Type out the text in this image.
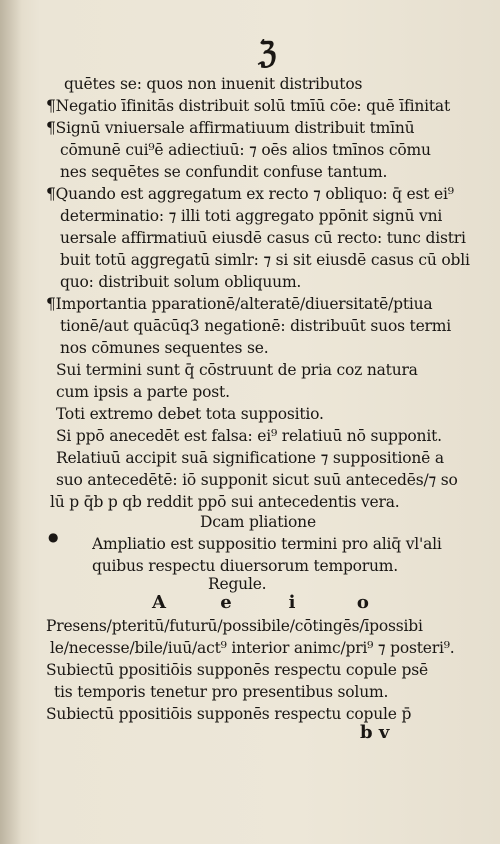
ℨ
quētes se: quos non inuenit distributos
¶Negatio īfinitās distribuit solū tmīū cōe: quē īfinitat
¶Signū vniuersale affirmatiuum distribuit tmīnū
cōmunē cui⁹ē adiectiuū: ⁊ oēs alios tmīnos cōmu
nes sequētes se confundit confuse tantum.
¶Quando est aggregatum ex recto ⁊ obliquo: q̄ est ei⁹
determinatio: ⁊ illi toti aggregato ppōnit signū vni
uersale affirmatiuū eiusdē casus cū recto: tunc distri
buit totū aggregatū simlr: ⁊ si sit eiusdē casus cū obli
quo: distribuit solum obliquum.
¶Importantia pparationē/alteratē/diuersitatē/ptiua
tionē/aut quācūq3 negationē: distribuūt suos termi
nos cōmunes sequentes se.
Sui termini sunt q̄ cōstruunt de pria coz natura
cum ipsis a parte post.
Toti extremo debet tota suppositio.
Si ppō anecedēt est falsa: ei⁹ relatiuū nō supponit.
Relatiuū accipit suā significatione ⁊ suppositionē a
suo antecedētē: iō supponit sicut suū antecedēs/⁊ so
lū p q̄b p qb reddit ppō sui antecedentis vera.
Dcam pliatione
● Ampliatio est suppositio termini pro aliq̄ vl'ali
quibus respectu diuersorum temporum.
Regule.
A	e	i	o
Presens/pteritū/futurū/possibile/cōtingēs/īpossibi
le/necesse/bile/iuū/act⁹ interior animc/pri⁹ ⁊ posteri⁹.
Subiectū ppositiōis supponēs respectu copule psē
tis temporis tenetur pro presentibus solum.
Subiectū ppositiōis supponēs respectu copule p̄
b v
